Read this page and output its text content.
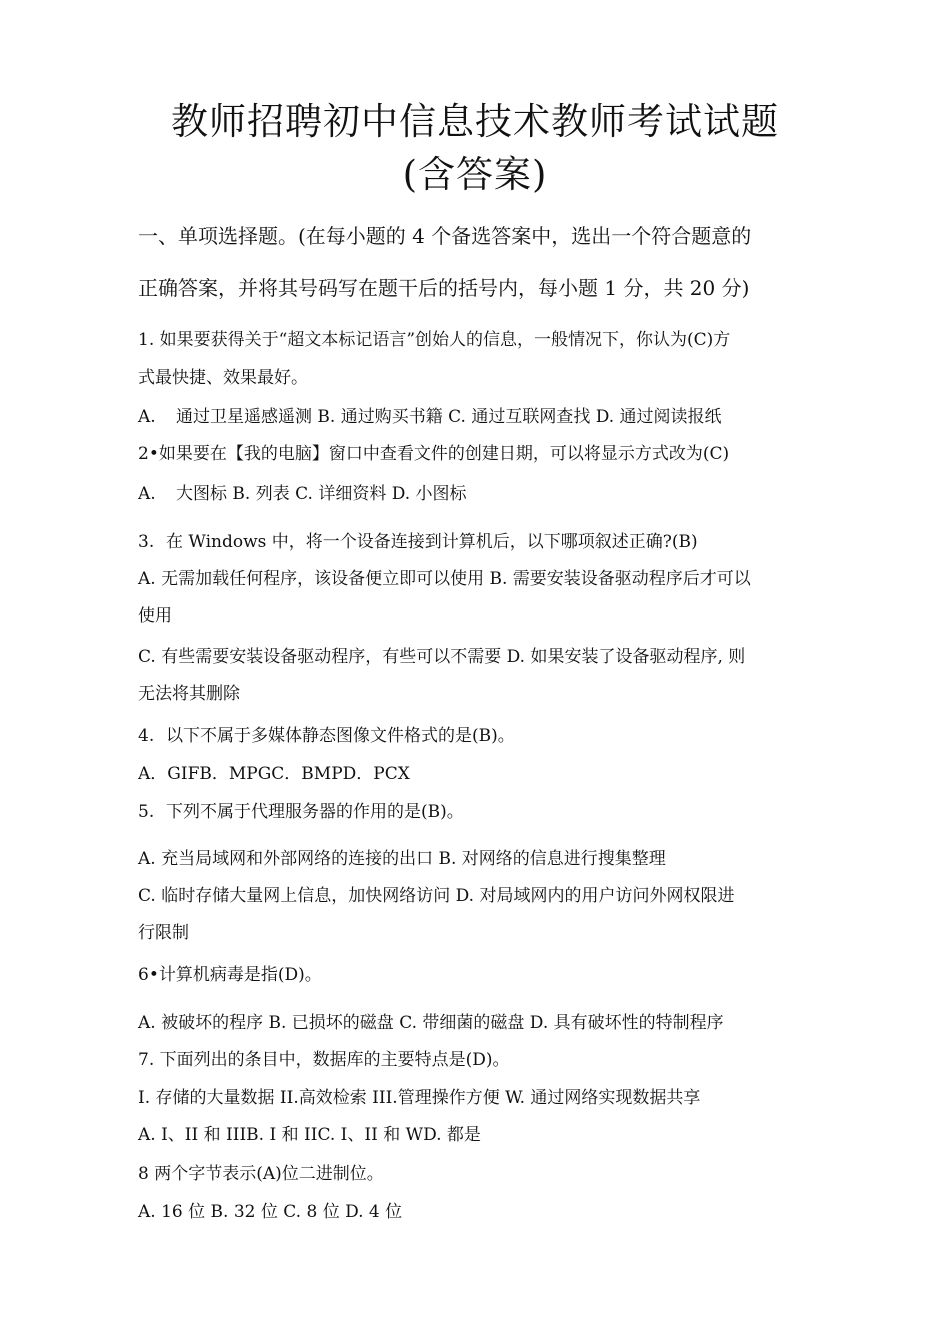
教师招聘初中信息技术教师考试试题
(含答案)
一、单项选择题。(在每小题的 4 个备选答案中，选出一个符合题意的
正确答案，并将其号码写在题干后的括号内，每小题 1 分，共 20 分)
1. 如果要获得关于“超文本标记语言”创始人的信息，一般情况下，你认为(C)方
式最快捷、效果最好。
A. 通过卫星遥感遥测 B. 通过购买书籍 C. 通过互联网查找 D. 通过阅读报纸
2•如果要在【我的电脑】窗口中查看文件的创建日期，可以将显示方式改为(C)
A. 大图标 B. 列表 C. 详细资料 D. 小图标
3. 在 Windows 中，将一个设备连接到计算机后，以下哪项叙述正确?(B)
A. 无需加载任何程序，该设备便立即可以使用 B. 需要安装设备驱动程序后才可以
使用
C. 有些需要安装设备驱动程序，有些可以不需要 D. 如果安装了设备驱动程序, 则
无法将其删除
4. 以下不属于多媒体静态图像文件格式的是(B)。
A．GIFB．MPGC．BMPD．PCX
5. 下列不属于代理服务器的作用的是(B)。
A. 充当局域网和外部网络的连接的出口 B. 对网络的信息进行搜集整理
C. 临时存储大量网上信息，加快网络访问 D. 对局域网内的用户访问外网权限进
行限制
6•计算机病毒是指(D)。
A. 被破坏的程序 B. 已损坏的磁盘 C. 带细菌的磁盘 D. 具有破坏性的特制程序
7. 下面列出的条目中，数据库的主要特点是(D)。
I. 存储的大量数据 II.高效检索 III.管理操作方便 W. 通过网络实现数据共享
A. I、II 和 IIIB. I 和 IIC. I、II 和 WD. 都是
8 两个字节表示(A)位二进制位。
A. 16 位 B. 32 位 C. 8 位 D. 4 位
